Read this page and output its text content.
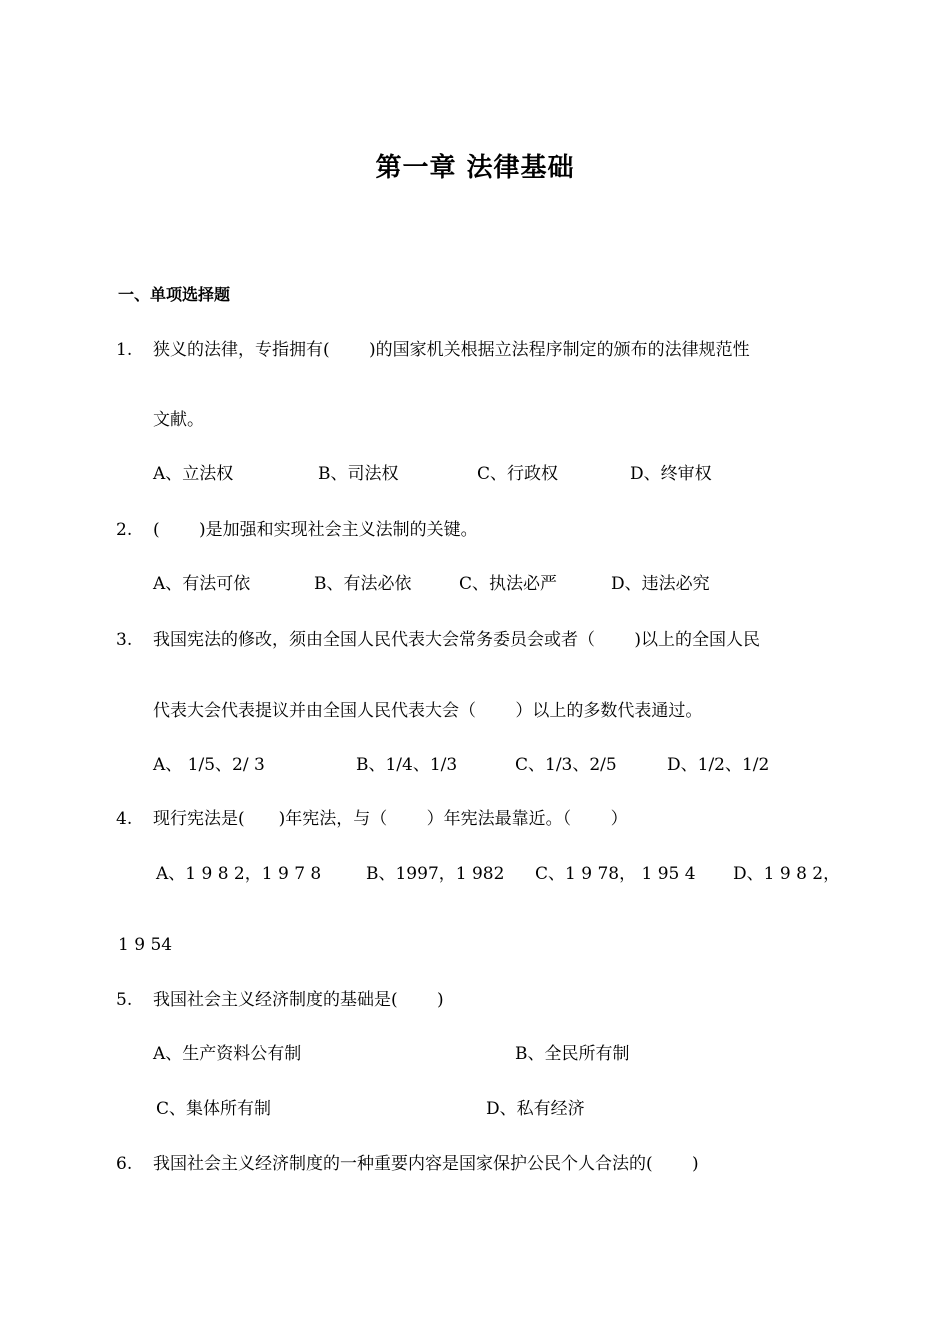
第一章 法律基础
一、单项选择题
1. 狭义的法律，专指拥有(　　 )的国家机关根据立法程序制定的颁布的法律规范性
文献。
A、立法权	B、司法权	C、行政权	D、终审权
2. (　　 )是加强和实现社会主义法制的关键。
A、有法可依	B、有法必依	C、执法必严	D、违法必究
3. 我国宪法的修改，须由全国人民代表大会常务委员会或者（　　 )以上的全国人民
代表大会代表提议并由全国人民代表大会（　　 ）以上的多数代表通过。
A、 1/5、2/ 3	B、1/4、1/3	C、1/3、2/5	D、1/2、1/2
4. 现行宪法是(　　)年宪法，与（　　 ）年宪法最靠近。（　　 ）
A、1 9 8 2，1 9 7 8	B、1997，1 982 C、1 9 78， 1 95 4 D、1 9 8 2，
1 9 54
5. 我国社会主义经济制度的基础是(　　 )
A、生产资料公有制	B、全民所有制
C、集体所有制	D、私有经济
6. 我国社会主义经济制度的一种重要内容是国家保护公民个人合法的(　　 )
